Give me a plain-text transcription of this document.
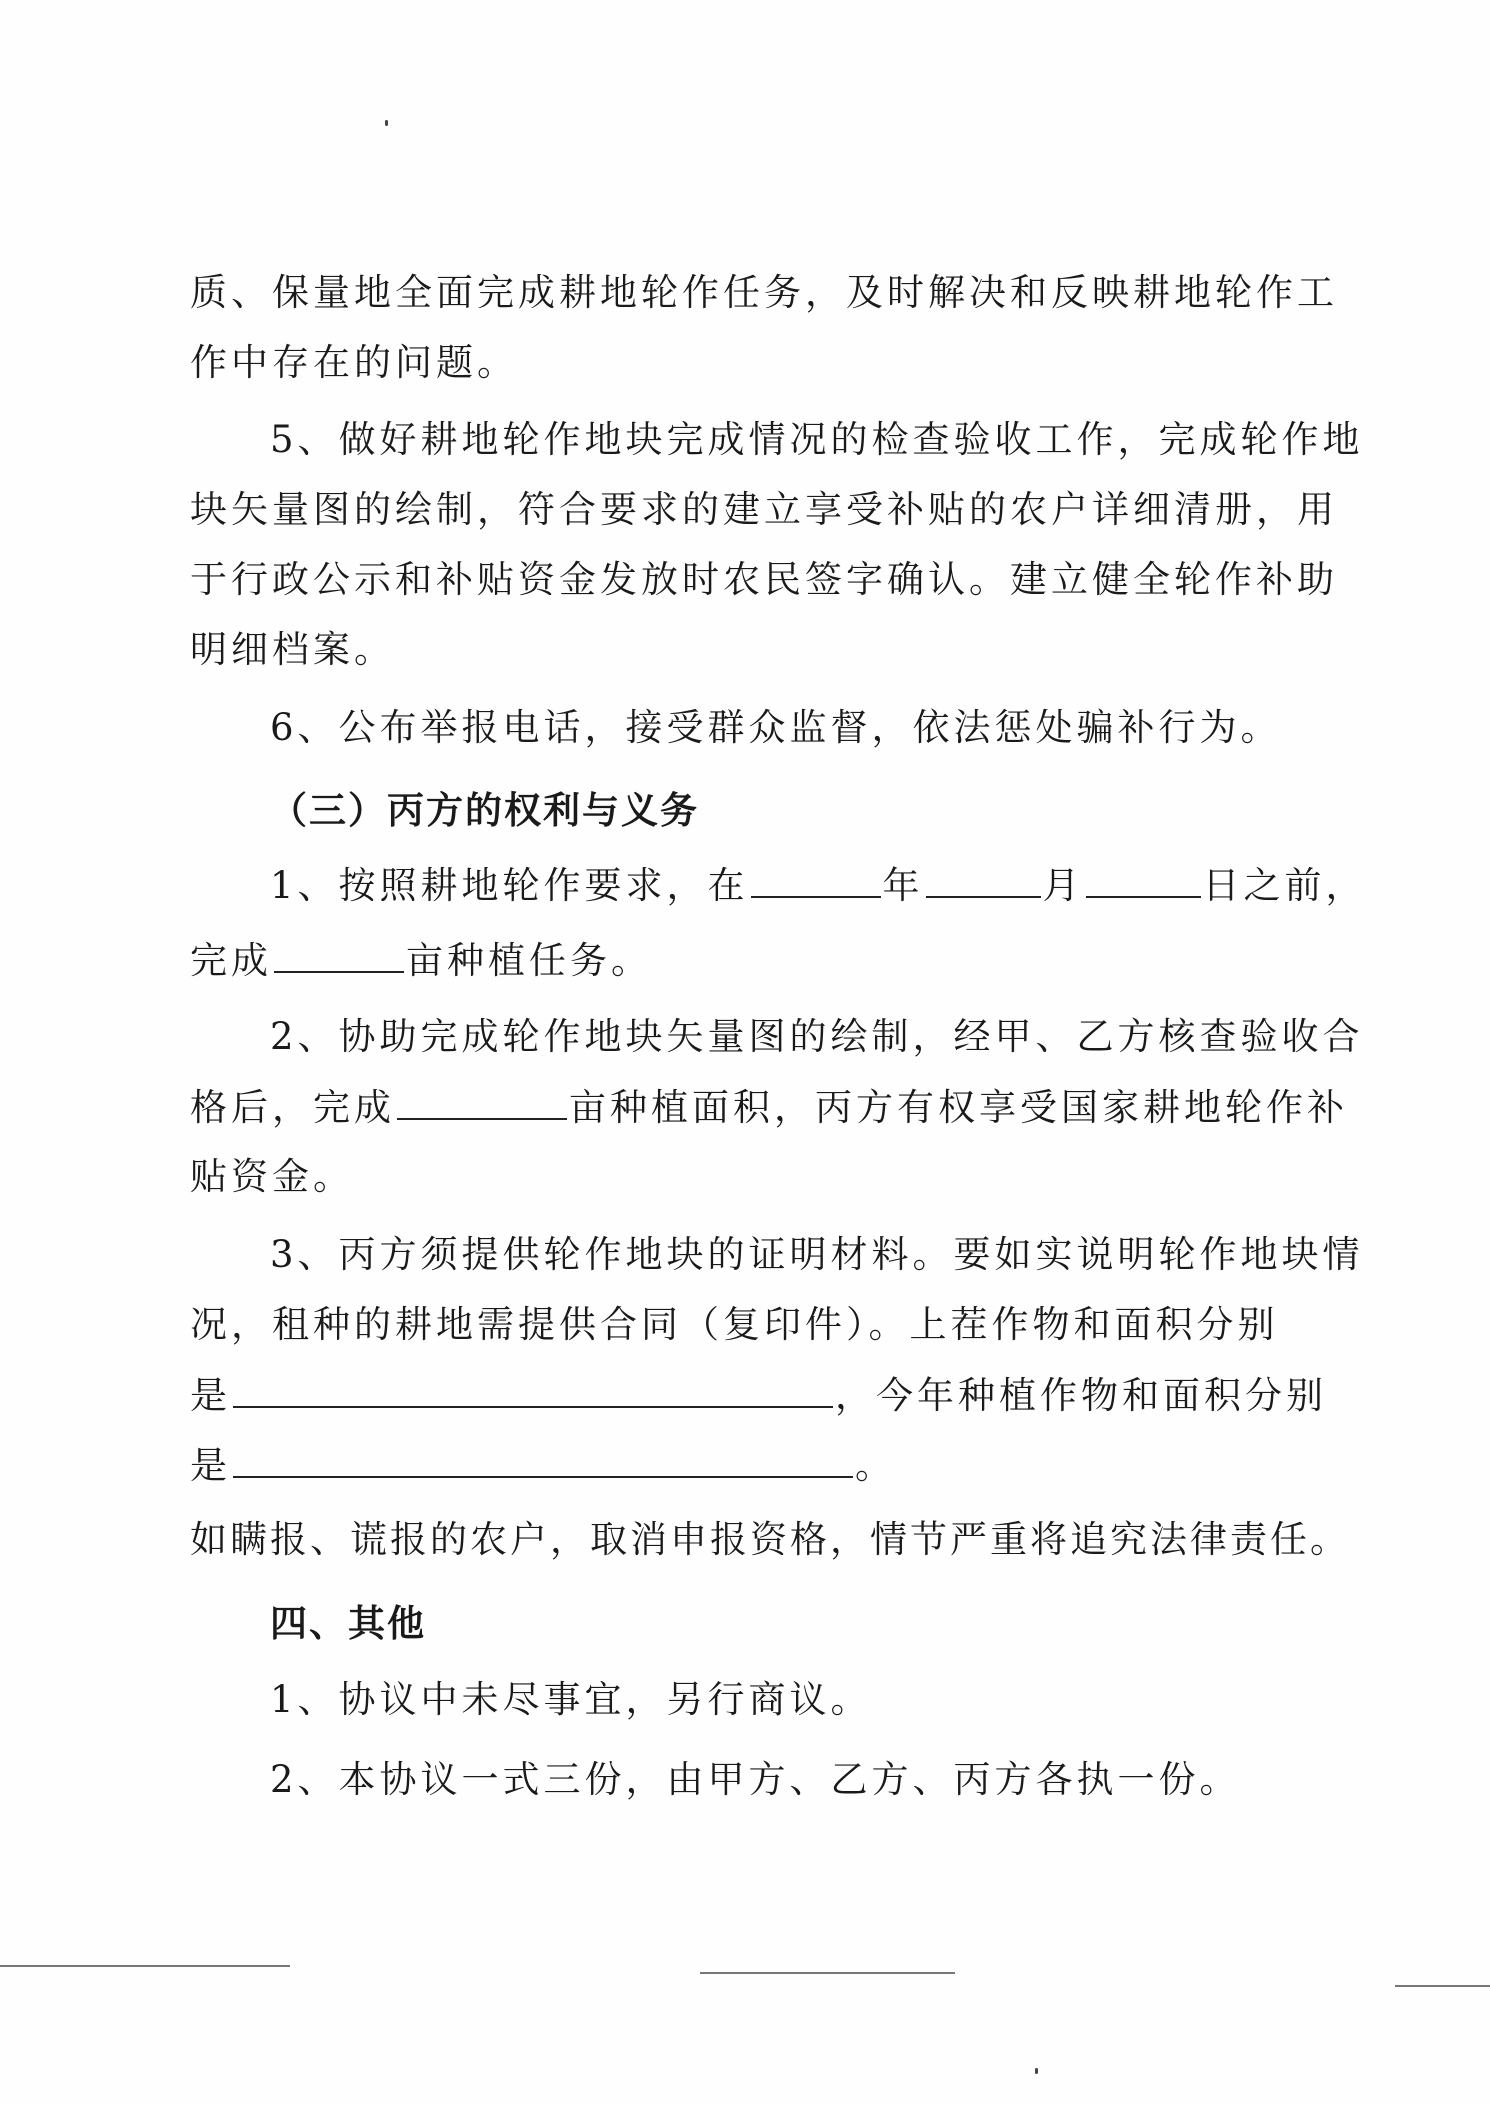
质、保量地全面完成耕地轮作任务，及时解决和反映耕地轮作工
作中存在的问题。
5、做好耕地轮作地块完成情况的检查验收工作，完成轮作地
块矢量图的绘制，符合要求的建立享受补贴的农户详细清册，用
于行政公示和补贴资金发放时农民签字确认。建立健全轮作补助
明细档案。
6、公布举报电话，接受群众监督，依法惩处骗补行为。
（三）丙方的权利与义务
1、按照耕地轮作要求，在	年	月	日之前，
完成	亩种植任务。
2、协助完成轮作地块矢量图的绘制，经甲、乙方核查验收合
格后，完成	亩种植面积，丙方有权享受国家耕地轮作补
贴资金。
3、丙方须提供轮作地块的证明材料。要如实说明轮作地块情
况，租种的耕地需提供合同（复印件）。上茬作物和面积分别
是	，今年种植作物和面积分别
是	。
如瞒报、谎报的农户，取消申报资格，情节严重将追究法律责任。
四、其他
1、协议中未尽事宜，另行商议。
2、本协议一式三份，由甲方、乙方、丙方各执一份。
